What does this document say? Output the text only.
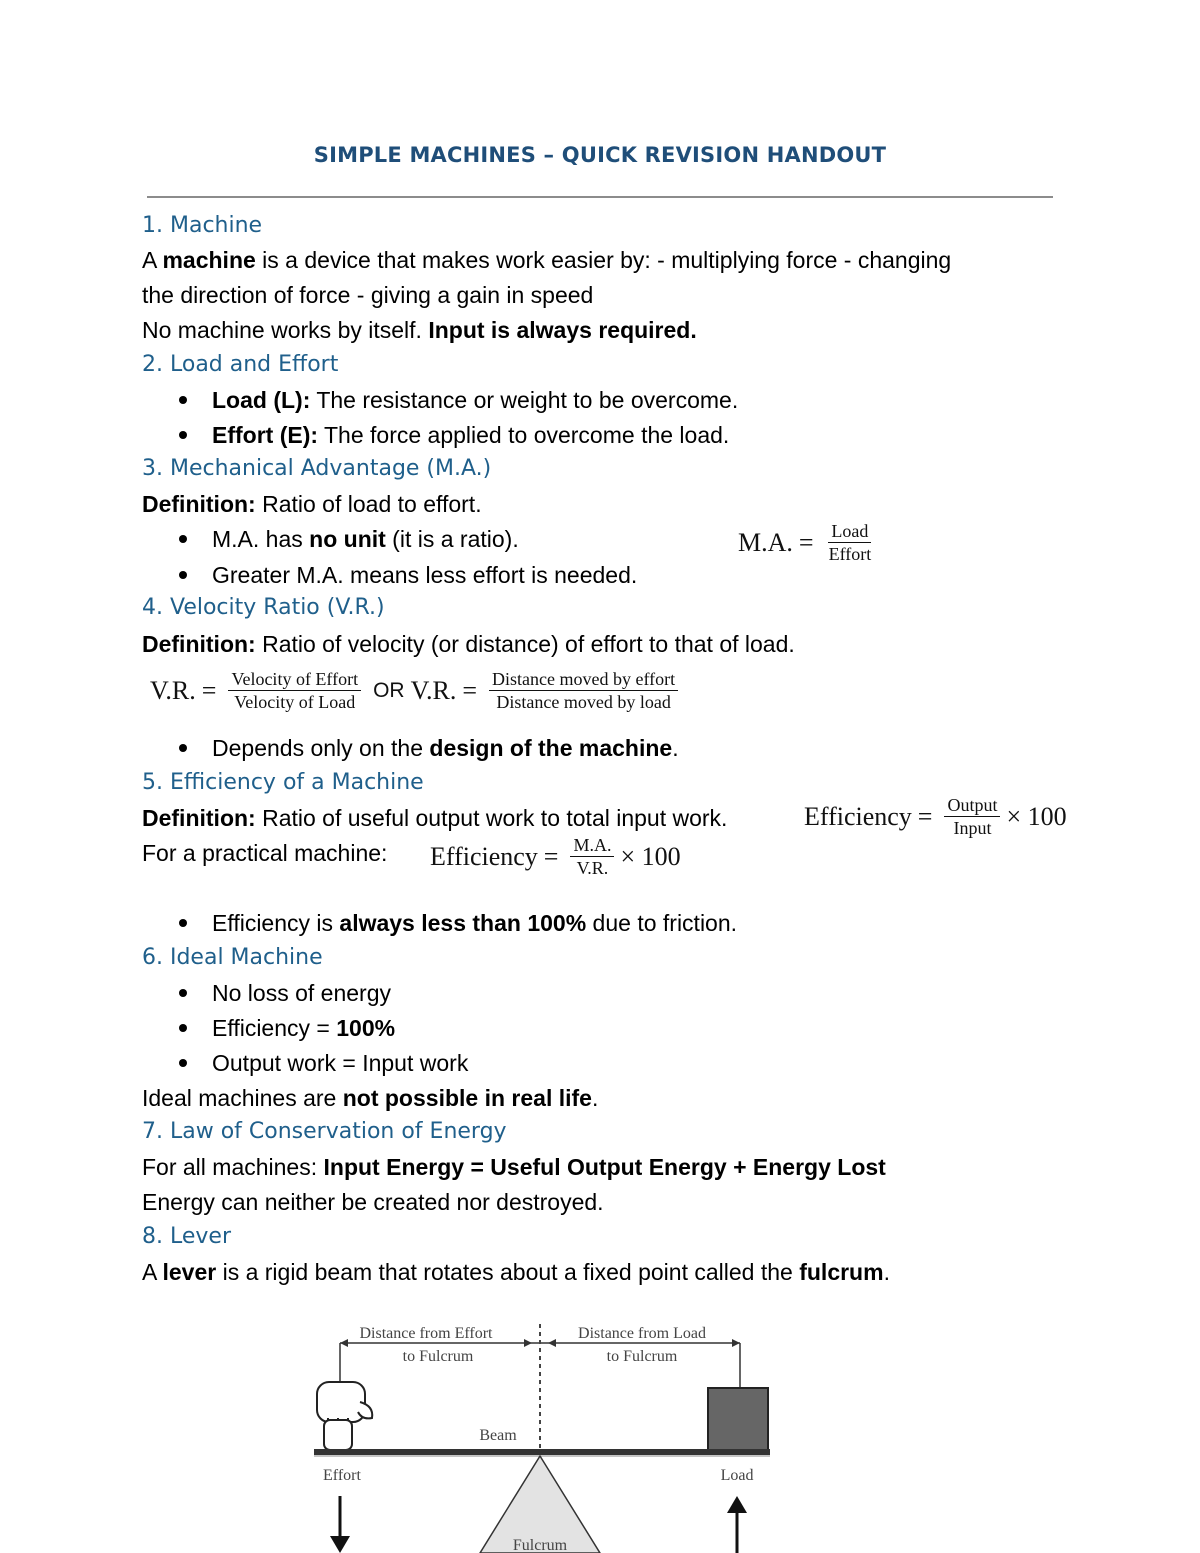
SIMPLE MACHINES – QUICK REVISION HANDOUT
1. Machine
A machine is a device that makes work easier by: - multiplying force - changing
the direction of force - giving a gain in speed
No machine works by itself. Input is always required.
2. Load and Effort
Load (L): The resistance or weight to be overcome.
Effort (E): The force applied to overcome the load.
3. Mechanical Advantage (M.A.)
Definition: Ratio of load to effort.
M.A. has no unit (it is a ratio).
Greater M.A. means less effort is needed.
M.A. = $\frac{\text{Load}}{\text{Effort}}$
4. Velocity Ratio (V.R.)
Definition: Ratio of velocity (or distance) of effort to that of load.
V.R. = $\frac{\text{Velocity of Effort}}{\text{Velocity of Load}}$ OR V.R. = $\frac{\text{Distance moved by effort}}{\text{Distance moved by load}}$
Depends only on the design of the machine.
5. Efficiency of a Machine
Definition: Ratio of useful output work to total input work.	Efficiency = $\frac{\text{Output}}{\text{Input}} \times 100$
For a practical machine: Efficiency = $\frac{M.A.}{V.R.} \times 100$
Efficiency is always less than 100% due to friction.
6. Ideal Machine
No loss of energy
Efficiency = 100%
Output work = Input work
Ideal machines are not possible in real life.
7. Law of Conservation of Energy
For all machines: Input Energy = Useful Output Energy + Energy Lost
Energy can neither be created nor destroyed.
8. Lever
A lever is a rigid beam that rotates about a fixed point called the fulcrum.
Distance from Effort
to Fulcrum
Distance from Load
to Fulcrum
Beam
Fulcrum
Effort	Load
